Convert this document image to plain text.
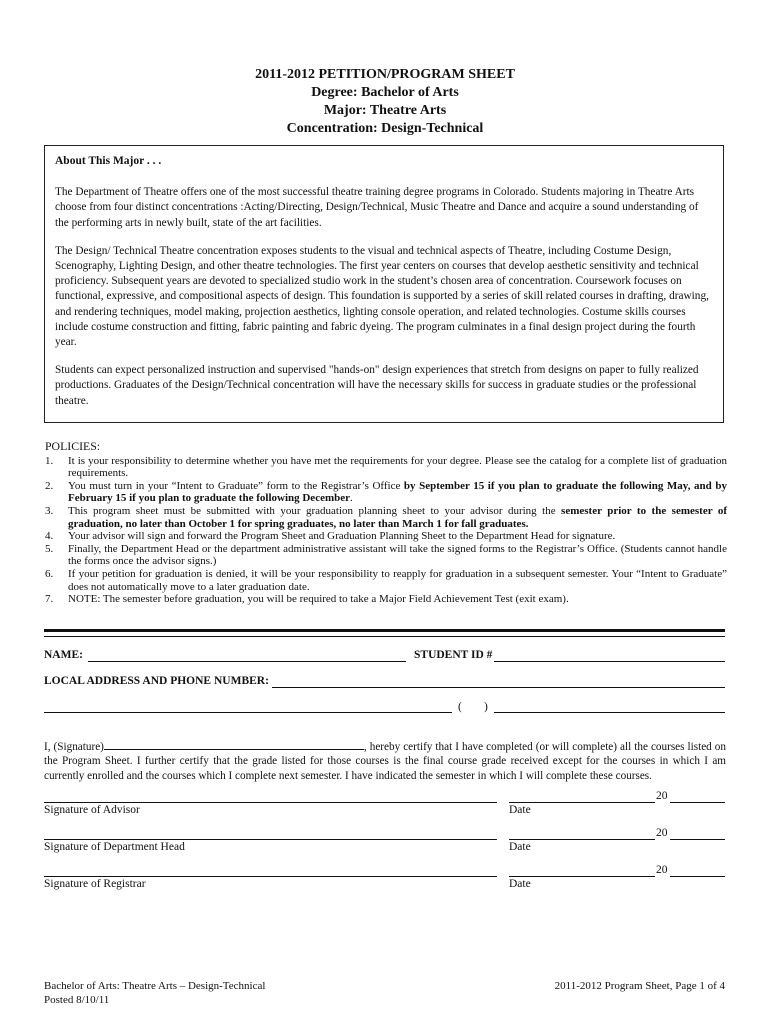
2011-2012 PETITION/PROGRAM SHEET
Degree: Bachelor of Arts
Major: Theatre Arts
Concentration: Design-Technical
About This Major . . .

The Department of Theatre offers one of the most successful theatre training degree programs in Colorado. Students majoring in Theatre Arts choose from four distinct concentrations :Acting/Directing, Design/Technical, Music Theatre and Dance and acquire a sound understanding of the performing arts in newly built, state of the art facilities.

The Design/ Technical Theatre concentration exposes students to the visual and technical aspects of Theatre, including Costume Design, Scenography, Lighting Design, and other theatre technologies. The first year centers on courses that develop aesthetic sensitivity and technical proficiency. Subsequent years are devoted to specialized studio work in the student’s chosen area of concentration. Coursework focuses on functional, expressive, and compositional aspects of design. This foundation is supported by a series of skill related courses in drafting, drawing, and rendering techniques, model making, projection aesthetics, lighting console operation, and related technologies. Costume skills courses include costume construction and fitting, fabric painting and fabric dyeing. The program culminates in a final design project during the fourth year.

Students can expect personalized instruction and supervised "hands-on" design experiences that stretch from designs on paper to fully realized productions. Graduates of the Design/Technical concentration will have the necessary skills for success in graduate studies or the professional theatre.

POLICIES:
1. It is your responsibility to determine whether you have met the requirements for your degree. Please see the catalog for a complete list of graduation requirements.
2. You must turn in your “Intent to Graduate” form to the Registrar’s Office by September 15 if you plan to graduate the following May, and by February 15 if you plan to graduate the following December.
3. This program sheet must be submitted with your graduation planning sheet to your advisor during the semester prior to the semester of graduation, no later than October 1 for spring graduates, no later than March 1 for fall graduates.
4. Your advisor will sign and forward the Program Sheet and Graduation Planning Sheet to the Department Head for signature.
5. Finally, the Department Head or the department administrative assistant will take the signed forms to the Registrar’s Office. (Students cannot handle the forms once the advisor signs.)
6. If your petition for graduation is denied, it will be your responsibility to reapply for graduation in a subsequent semester. Your “Intent to Graduate” does not automatically move to a later graduation date.
7. NOTE: The semester before graduation, you will be required to take a Major Field Achievement Test (exit exam).
NAME:	STUDENT ID #
LOCAL ADDRESS AND PHONE NUMBER:
( )
I, (Signature)	, hereby certify that I have completed (or will complete) all the courses listed on the Program Sheet. I further certify that the grade listed for those courses is the final course grade received except for the courses in which I am currently enrolled and the courses which I complete next semester. I have indicated the semester in which I will complete these courses.
Signature of Advisor
20
Date
Signature of Department Head
20
Date
Signature of Registrar
20
Date
Bachelor of Arts: Theatre Arts – Design-Technical
Posted 8/10/11
2011-2012 Program Sheet, Page 1 of 4
